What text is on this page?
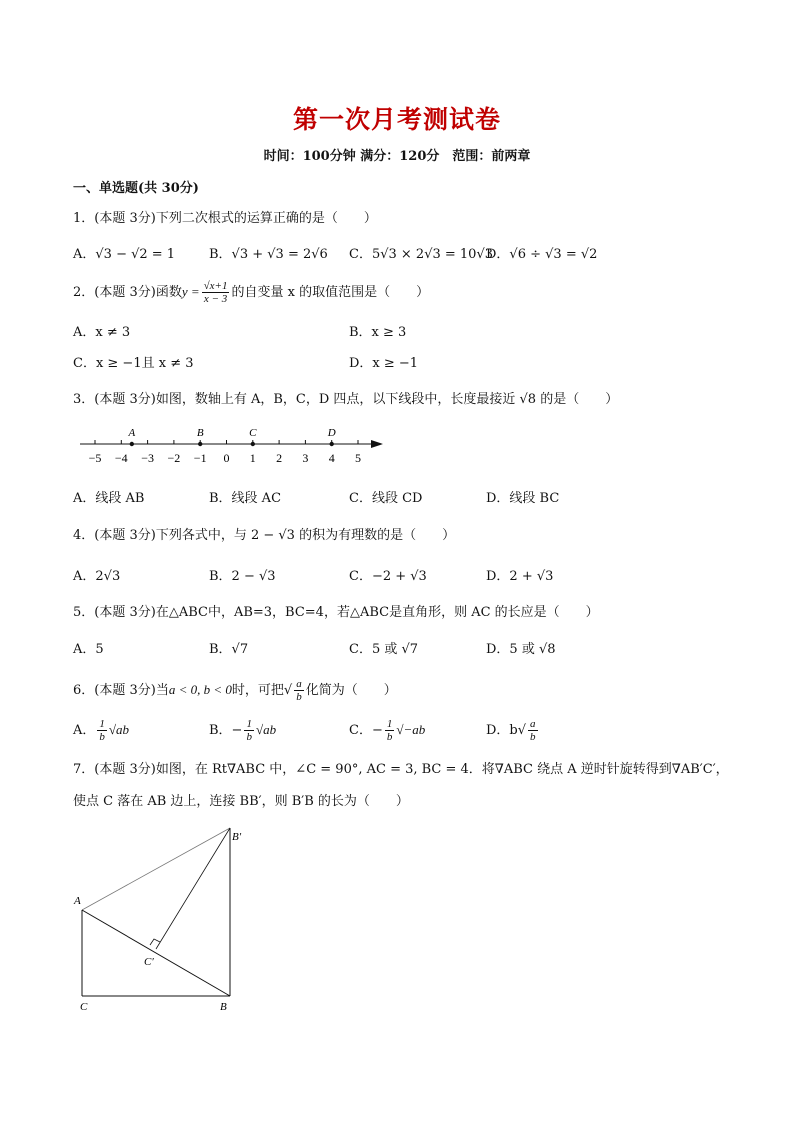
第一次月考测试卷
时间：100分钟 满分：120分　范围：前两章
一、单选题(共 30分)
1．(本题 3分)下列二次根式的运算正确的是（　　）
A．√3 − √2 = 1	B．√3 + √3 = 2√6 C．5√3 × 2√3 = 10√3
D．√6 ÷ √3 = √2
2．(本题 3分)函数$y = \frac{√x+1}{x - 3}$ 的自变量 x 的取值范围是（　　）
A．x ≠ 3	B．x ≥ 3
C．x ≥ −1且 x ≠ 3	D．x ≥ −1
3．(本题 3分)如图，数轴上有 A，B，C，D 四点，以下线段中，长度最接近 √8 的是（　　）
−5 −4 −3 −2 −1 0 1 2 3 4 5
A	B	C	D
A．线段 AB	B．线段 AC	C．线段 CD	D．线段 BC
4．(本题 3分)下列各式中，与 2 − √3 的积为有理数的是（　　）
A．2√3	B．2 − √3	C．−2 + √3	D．2 + √3
5．(本题 3分)在△ABC中，AB=3，BC=4，若△ABC是直角形，则 AC 的长应是（　　）
A．5	B．√7	C．5 或 √7	D．5 或 √8
6．(本题 3分)当a < 0, b < 0时，可把√ $\frac{a}{b}$ 化简为（　　）
A． $\frac{1}{b} √ab$	B．− $\frac{1}{b} √ab$	C．− $\frac{1}{b} √-ab$	D．$b√ \frac{a}{b}$
7．(本题 3分)如图，在 Rt∇ABC 中，∠C = 90°, AC = 3, BC = 4．将∇ABC 绕点 A 逆时针旋转得到∇AB′C′，
使点 C 落在 AB 边上，连接 BB′，则 B′B 的长为（　　）
A
C	B
B′
C′
